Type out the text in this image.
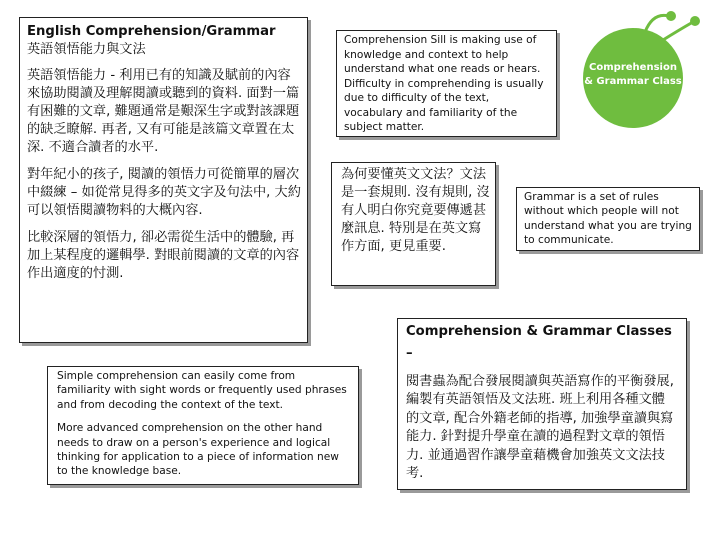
English Comprehension/Grammar

英語領悟能力與文法

英語領悟能力 - 利用已有的知識及賦前的內容來協助閱讀及理解閱讀或聽到的資料. 面對一篇有困難的文章, 難題通常是艱深生字或對該課題的缺乏瞭解. 再者, 又有可能是該篇文章置在太深. 不適合讀者的水平.

對年紀小的孩子, 閱讀的領悟力可從簡單的層次中綴練 – 如從常見得多的英文字及句法中, 大約可以領悟閱讀物料的大概內容.

比較深層的領悟力, 卻必需從生活中的體驗, 再加上某程度的邏輯學. 對眼前閱讀的文章的內容作出適度的忖測.

Comprehension Sill is making use of knowledge and context to help understand what one reads or hears. Difficulty in comprehending is usually due to difficulty of the text, vocabulary and familiarity of the subject matter.

Comprehension & Grammar Class

為何要懂英文文法？文法是一套規則. 沒有規則, 沒有人明白你究竟要傳遞甚麼訊息. 特別是在英文寫作方面, 更見重要.

Grammar is a set of rules without which people will not understand what you are trying to communicate.

Simple comprehension can easily come from familiarity with sight words or frequently used phrases and from decoding the context of the text.

More advanced comprehension on the other hand needs to draw on a person's experience and logical thinking for application to a piece of information new to the knowledge base.

Comprehension & Grammar Classes –

閱書蟲為配合發展閱讀與英語寫作的平衡發展, 編製有英語領悟及文法班. 班上利用各種文體的文章, 配合外籍老師的指導, 加強學童讀與寫能力. 針對提升學童在讀的過程對文章的領悟力. 並通過習作讓學童藉機會加強英文文法技考.
